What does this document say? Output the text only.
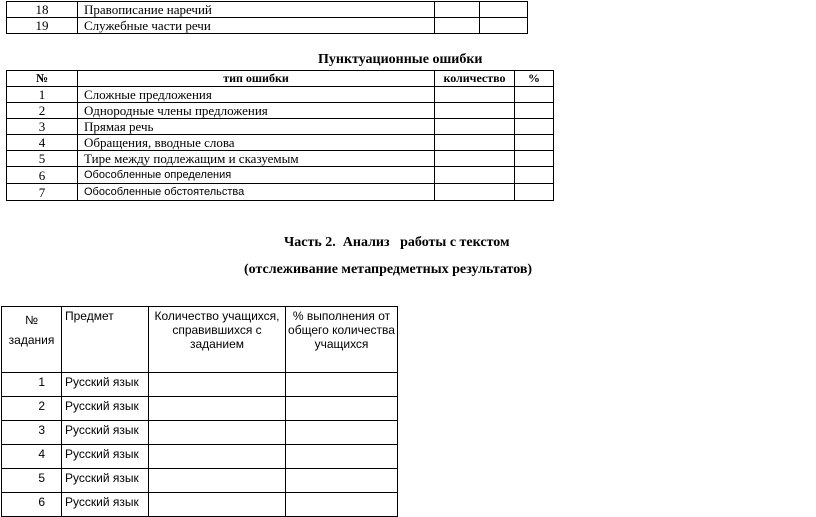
18	Правописание наречий		
19	Служебные части речи		
Пунктуационные ошибки
№	тип ошибки	количество	%
1	Сложные предложения		
2	Однородные члены предложения		
3	Прямая речь		
4	Обращения, вводные слова		
5	Тире между подлежащим и сказуемым		
6	Обособленные определения		
7	Обособленные обстоятельства		
Часть 2.  Анализ   работы с текстом
(отслеживание метапредметных результатов)
№
задания	Предмет	Количество учащихся, справившихся с заданием	% выполнения от общего количества учащихся
1	Русский язык		
2	Русский язык		
3	Русский язык		
4	Русский язык		
5	Русский язык		
6	Русский язык		
